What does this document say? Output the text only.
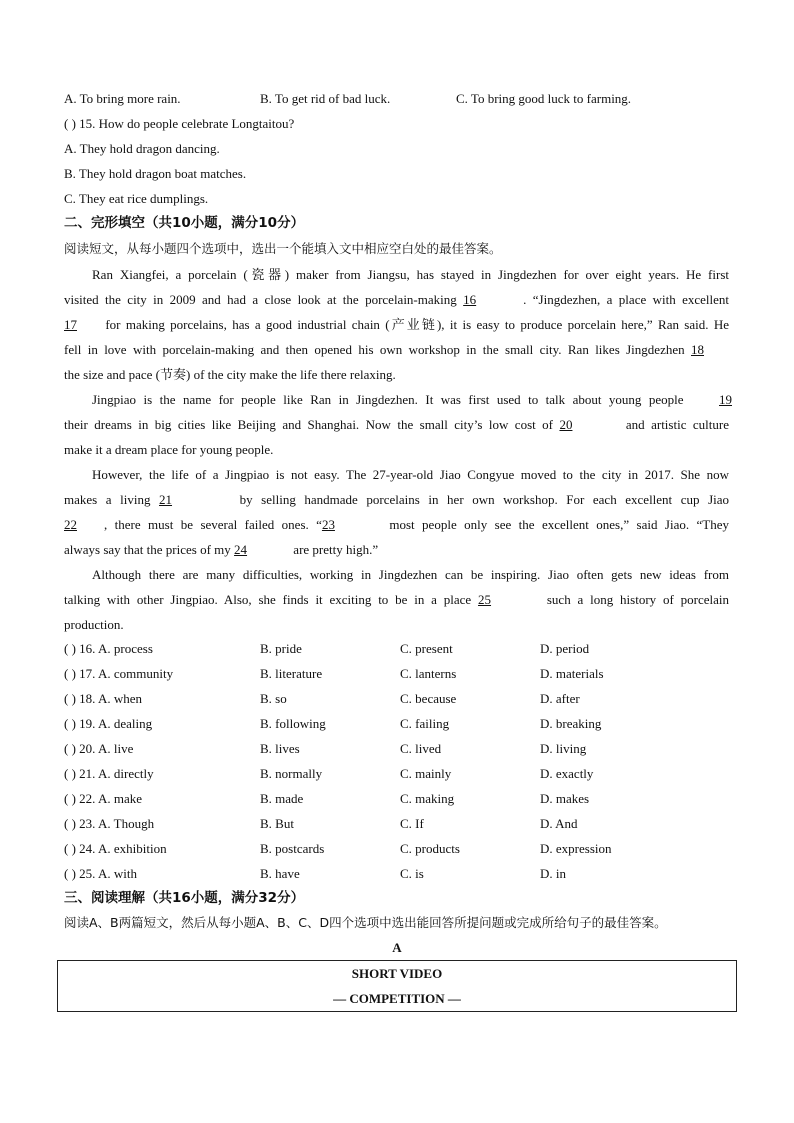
A. To bring more rain.	B. To get rid of bad luck.	C. To bring good luck to farming.
( ) 15. How do people celebrate Longtaitou?
A. They hold dragon dancing.
B. They hold dragon boat matches.
C. They eat rice dumplings.
二、完形填空（共10小题，满分10分）
阅读短文，从每小题四个选项中，选出一个能填入文中相应空白处的最佳答案。
Ran Xiangfei, a porcelain (瓷器) maker from Jiangsu, has stayed in Jingdezhen for over eight years. He first
visited the city in 2009 and had a close look at the porcelain-making 16	. “Jingdezhen, a place with excellent
17 for making porcelains, has a good industrial chain (产业链), it is easy to produce porcelain here,” Ran said. He
fell in love with porcelain-making and then opened his own workshop in the small city. Ran likes Jingdezhen 18
the size and pace (节奏) of the city make the life there relaxing.
Jingpiao is the name for people like Ran in Jingdezhen. It was first used to talk about young people	19
their dreams in big cities like Beijing and Shanghai. Now the small city’s low cost of 20	and artistic culture
make it a dream place for young people.
However, the life of a Jingpiao is not easy. The 27-year-old Jiao Congyue moved to the city in 2017. She now
makes a living 21	by selling handmade porcelains in her own workshop. For each excellent cup Jiao
22 , there must be several failed ones. “23	most people only see the excellent ones,” said Jiao. “They
always say that the prices of my 24	are pretty high.”
Although there are many difficulties, working in Jingdezhen can be inspiring. Jiao often gets new ideas from
talking with other Jingpiao. Also, she finds it exciting to be in a place 25	such a long history of porcelain
production.
( ) 16. A. process	B. pride	C. present	D. period
( ) 17. A. community	B. literature	C. lanterns	D. materials
( ) 18. A. when	B. so	C. because	D. after
( ) 19. A. dealing	B. following	C. failing	D. breaking
( ) 20. A. live	B. lives	C. lived	D. living
( ) 21. A. directly	B. normally	C. mainly	D. exactly
( ) 22. A. make	B. made	C. making	D. makes
( ) 23. A. Though	B. But	C. If	D. And
( ) 24. A. exhibition	B. postcards	C. products	D. expression
( ) 25. A. with	B. have	C. is	D. in
三、阅读理解（共16小题，满分32分）
阅读A、B两篇短文，然后从每小题A、B、C、D四个选项中选出能回答所提问题或完成所给句子的最佳答案。
A
SHORT VIDEO
— COMPETITION —
